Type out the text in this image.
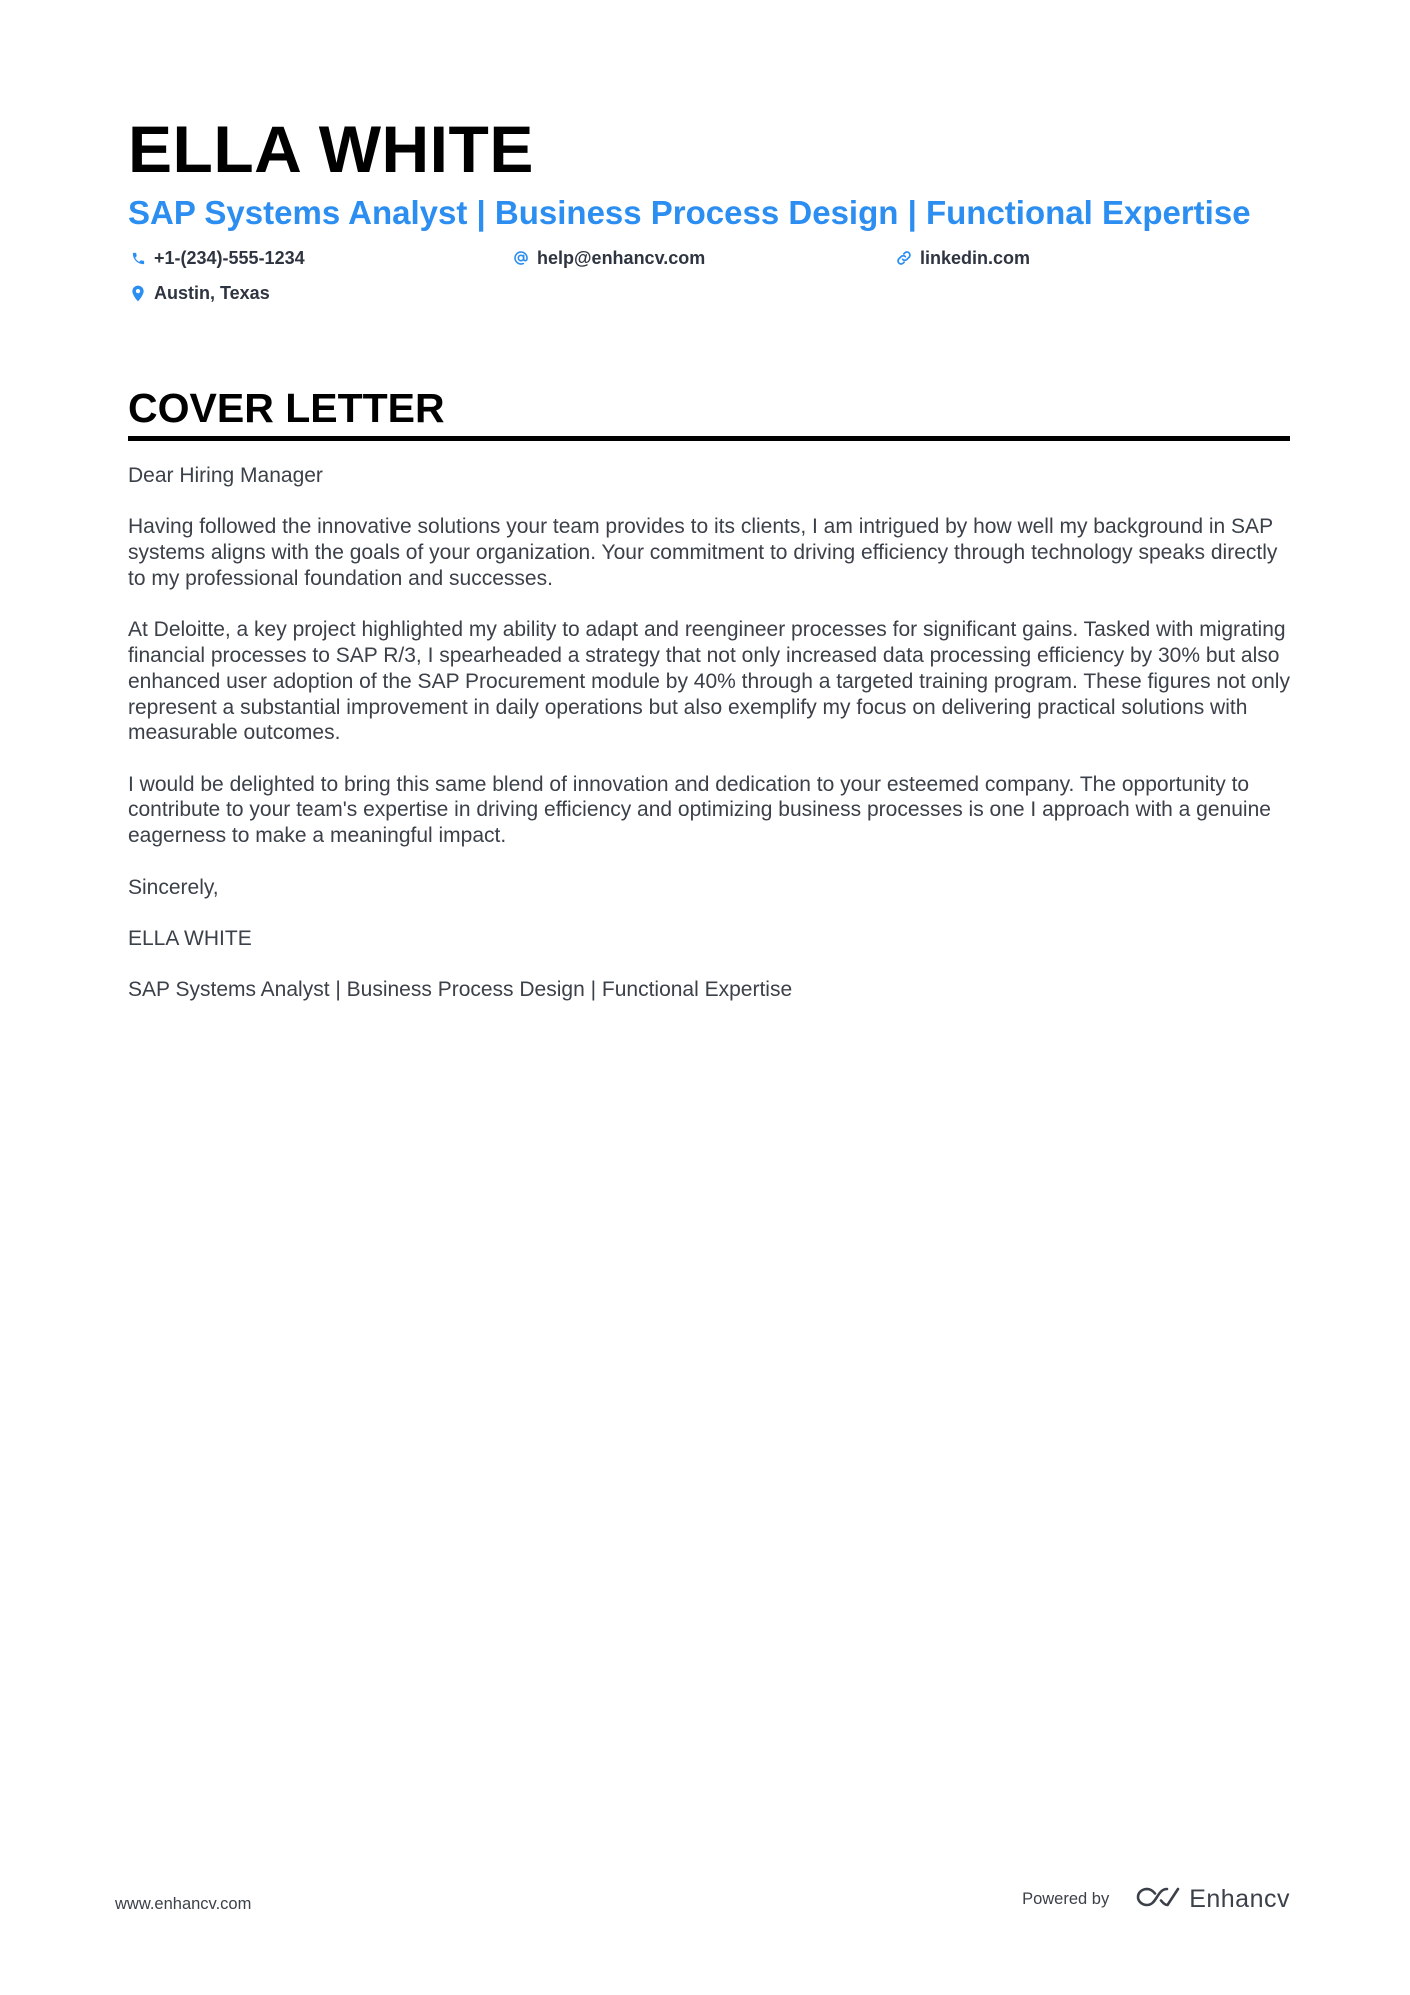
ELLA WHITE
SAP Systems Analyst | Business Process Design | Functional Expertise
+1-(234)-555-1234	help@enhancv.com	linkedin.com
Austin, Texas
COVER LETTER

Dear Hiring Manager

Having followed the innovative solutions your team provides to its clients, I am intrigued by how well my background in SAP systems aligns with the goals of your organization. Your commitment to driving efficiency through technology speaks directly to my professional foundation and successes.

At Deloitte, a key project highlighted my ability to adapt and reengineer processes for significant gains. Tasked with migrating financial processes to SAP R/3, I spearheaded a strategy that not only increased data processing efficiency by 30% but also enhanced user adoption of the SAP Procurement module by 40% through a targeted training program. These figures not only represent a substantial improvement in daily operations but also exemplify my focus on delivering practical solutions with measurable outcomes.

I would be delighted to bring this same blend of innovation and dedication to your esteemed company. The opportunity to contribute to your team's expertise in driving efficiency and optimizing business processes is one I approach with a genuine eagerness to make a meaningful impact.

Sincerely,

ELLA WHITE

SAP Systems Analyst | Business Process Design | Functional Expertise

www.enhancv.com	Powered by	Enhancv
